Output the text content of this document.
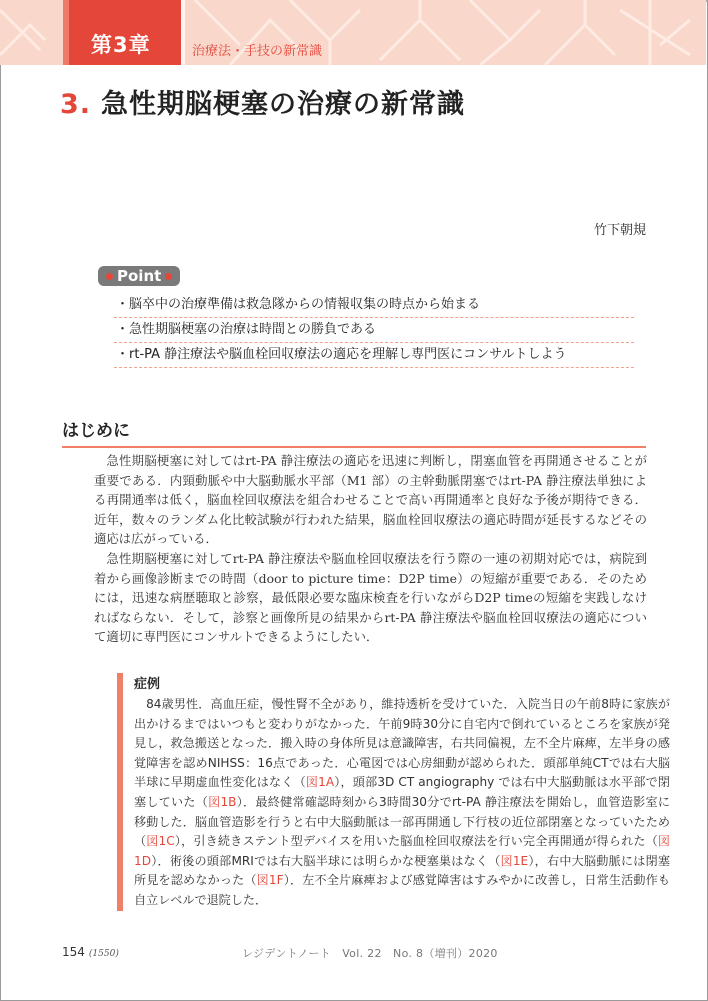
第3章	治療法・手技の新常識
3. 急性期脳梗塞の治療の新常識
竹下朝規
Point
・脳卒中の治療準備は救急隊からの情報収集の時点から始まる
・急性期脳梗塞の治療は時間との勝負である
・rt-PA 静注療法や脳血栓回収療法の適応を理解し専門医にコンサルトしよう
はじめに

急性期脳梗塞に対してはrt-PA 静注療法の適応を迅速に判断し，閉塞血管を再開通させることが重要である．内頸動脈や中大脳動脈水平部（M1 部）の主幹動脈閉塞ではrt-PA 静注療法単独による再開通率は低く，脳血栓回収療法を組合わせることで高い再開通率と良好な予後が期待できる．近年，数々のランダム化比較試験が行われた結果，脳血栓回収療法の適応時間が延長するなどその適応は広がっている．

急性期脳梗塞に対してrt-PA 静注療法や脳血栓回収療法を行う際の一連の初期対応では，病院到着から画像診断までの時間（door to picture time：D2P time）の短縮が重要である．そのためには，迅速な病歴聴取と診察，最低限必要な臨床検査を行いながらD2P timeの短縮を実践しなければならない．そして，診察と画像所見の結果からrt-PA 静注療法や脳血栓回収療法の適応について適切に専門医にコンサルトできるようにしたい．

症例

84歳男性．高血圧症，慢性腎不全があり，維持透析を受けていた．入院当日の午前8時に家族が出かけるまではいつもと変わりがなかった．午前9時30分に自宅内で倒れているところを家族が発見し，救急搬送となった．搬入時の身体所見は意識障害，右共同偏視，左不全片麻痺，左半身の感覚障害を認めNIHSS：16点であった．心電図では心房細動が認められた．頭部単純CTでは右大脳半球に早期虚血性変化はなく（図1A），頭部3D CT angiography では右中大脳動脈は水平部で閉塞していた（図1B）．最終健常確認時刻から3時間30分でrt-PA 静注療法を開始し，血管造影室に移動した．脳血管造影を行うと右中大脳動脈は一部再開通し下行枝の近位部閉塞となっていたため（図1C），引き続きステント型デバイスを用いた脳血栓回収療法を行い完全再開通が得られた（図1D）．術後の頭部MRIでは右大脳半球には明らかな梗塞巣はなく（図1E），右中大脳動脈には閉塞所見を認めなかった（図1F）．左不全片麻痺および感覚障害はすみやかに改善し，日常生活動作も自立レベルで退院した．

154 (1550)	レジデントノート　Vol. 22　No. 8（増刊）2020
